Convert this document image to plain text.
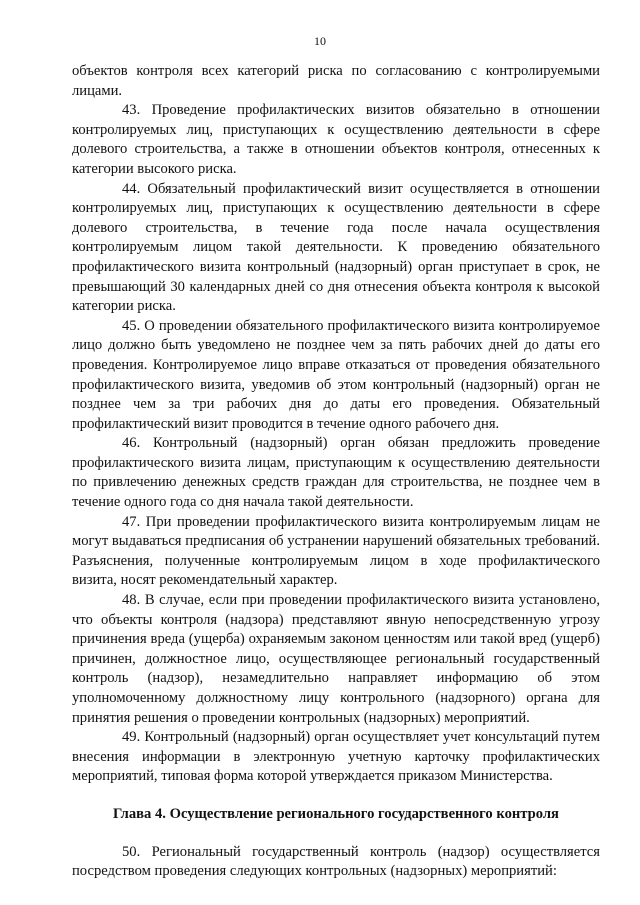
10

объектов контроля всех категорий риска по согласованию с контролируемыми лицами.

43. Проведение профилактических визитов обязательно в отношении контролируемых лиц, приступающих к осуществлению деятельности в сфере долевого строительства, а также в отношении объектов контроля, отнесенных к категории высокого риска.

44. Обязательный профилактический визит осуществляется в отношении контролируемых лиц, приступающих к осуществлению деятельности в сфере долевого строительства, в течение года после начала осуществления контролируемым лицом такой деятельности. К проведению обязательного профилактического визита контрольный (надзорный) орган приступает в срок, не превышающий 30 календарных дней со дня отнесения объекта контроля к высокой категории риска.

45. О проведении обязательного профилактического визита контролируемое лицо должно быть уведомлено не позднее чем за пять рабочих дней до даты его проведения. Контролируемое лицо вправе отказаться от проведения обязательного профилактического визита, уведомив об этом контрольный (надзорный) орган не позднее чем за три рабочих дня до даты его проведения. Обязательный профилактический визит проводится в течение одного рабочего дня.

46. Контрольный (надзорный) орган обязан предложить проведение профилактического визита лицам, приступающим к осуществлению деятельности по привлечению денежных средств граждан для строительства, не позднее чем в течение одного года со дня начала такой деятельности.

47. При проведении профилактического визита контролируемым лицам не могут выдаваться предписания об устранении нарушений обязательных требований. Разъяснения, полученные контролируемым лицом в ходе профилактического визита, носят рекомендательный характер.

48. В случае, если при проведении профилактического визита установлено, что объекты контроля (надзора) представляют явную непосредственную угрозу причинения вреда (ущерба) охраняемым законом ценностям или такой вред (ущерб) причинен, должностное лицо, осуществляющее региональный государственный контроль (надзор), незамедлительно направляет информацию об этом уполномоченному должностному лицу контрольного (надзорного) органа для принятия решения о проведении контрольных (надзорных) мероприятий.

49. Контрольный (надзорный) орган осуществляет учет консультаций путем внесения информации в электронную учетную карточку профилактических мероприятий, типовая форма которой утверждается приказом Министерства.

Глава 4. Осуществление регионального государственного контроля

50. Региональный государственный контроль (надзор) осуществляется посредством проведения следующих контрольных (надзорных) мероприятий:
